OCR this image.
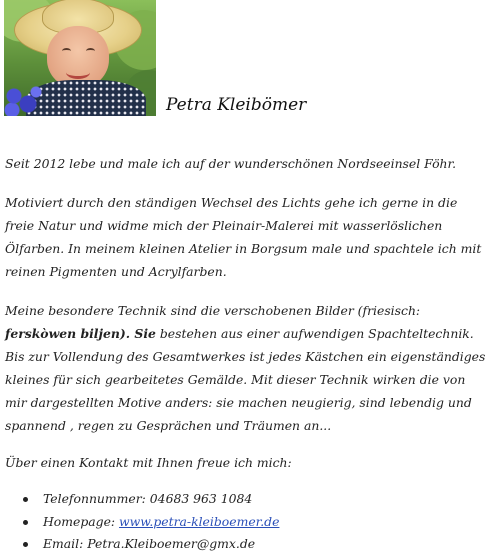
Petra Kleibömer

Seit 2012 lebe und male ich auf der wunderschönen Nordseeinsel Föhr.

Motiviert durch den ständigen Wechsel des Lichts gehe ich gerne in die freie Natur und widme mich der Pleinair-Malerei mit wasserlöslichen Ölfarben. In meinem kleinen Atelier in Borgsum male und spachtele ich mit reinen Pigmenten und Acrylfarben.

Meine besondere Technik sind die verschobenen Bilder (friesisch: ferskòwen biljen). Sie bestehen aus einer aufwendigen Spachteltechnik. Bis zur Vollendung des Gesamtwerkes ist jedes Kästchen ein eigenständiges kleines für sich gearbeitetes Gemälde. Mit dieser Technik wirken die von mir dargestellten Motive anders: sie machen neugierig, sind lebendig und spannend , regen zu Gesprächen und Träumen an...

Über einen Kontakt mit Ihnen freue ich mich:

Telefonnummer: 04683 963 1084
Homepage: www.petra-kleiboemer.de
Email: Petra.Kleiboemer@gmx.de
